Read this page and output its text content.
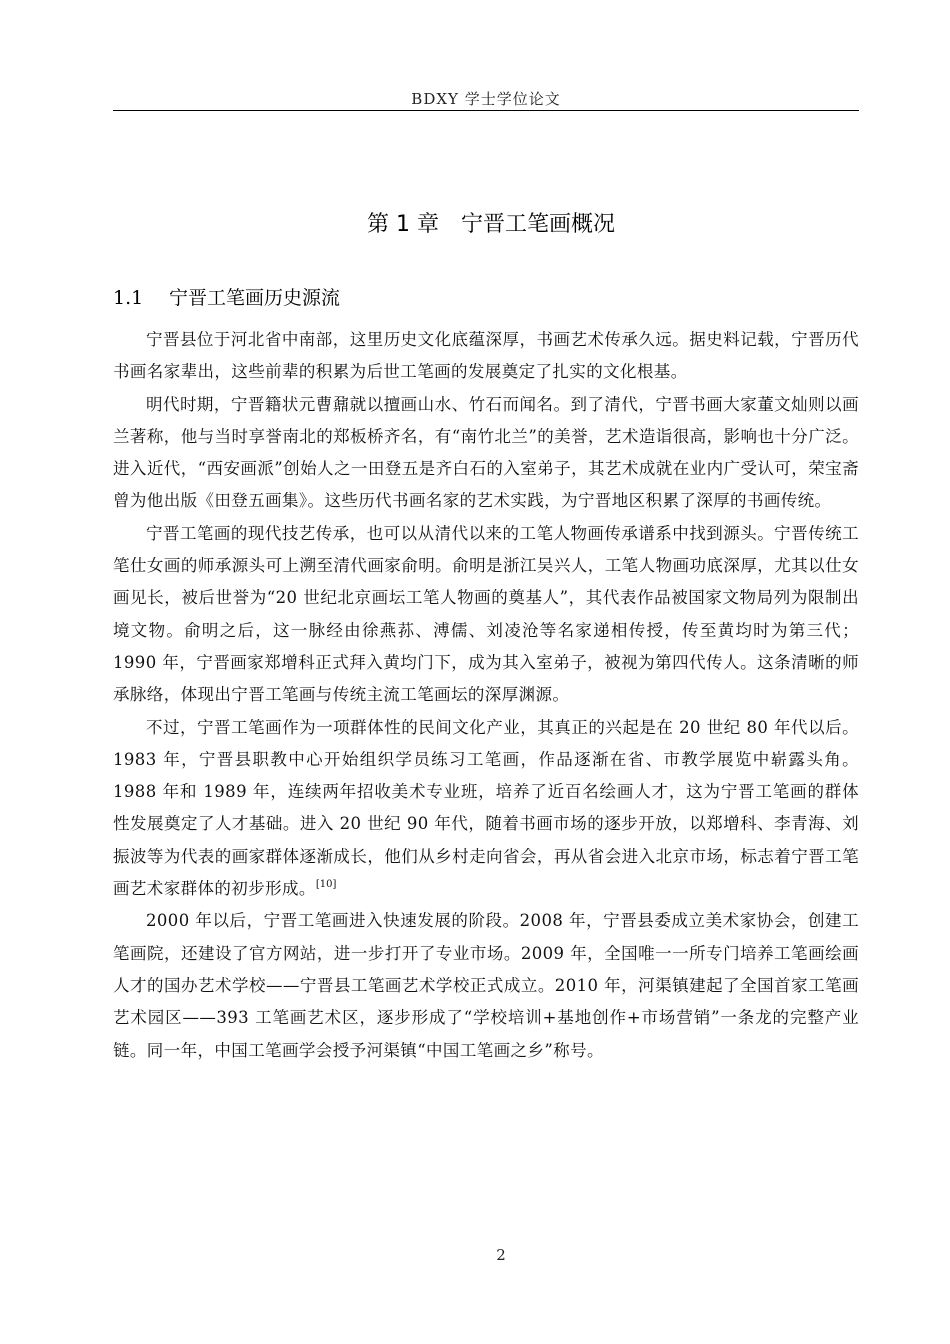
BDXY 学士学位论文
第 1 章 宁晋工笔画概况
1.1 宁晋工笔画历史源流

宁晋县位于河北省中南部，这里历史文化底蕴深厚，书画艺术传承久远。据史料记载，宁晋历代书画名家辈出，这些前辈的积累为后世工笔画的发展奠定了扎实的文化根基。

明代时期，宁晋籍状元曹鼐就以擅画山水、竹石而闻名。到了清代，宁晋书画大家董文灿则以画兰著称，他与当时享誉南北的郑板桥齐名，有“南竹北兰”的美誉，艺术造诣很高，影响也十分广泛。进入近代，“西安画派”创始人之一田登五是齐白石的入室弟子，其艺术成就在业内广受认可，荣宝斋曾为他出版《田登五画集》。这些历代书画名家的艺术实践，为宁晋地区积累了深厚的书画传统。

宁晋工笔画的现代技艺传承，也可以从清代以来的工笔人物画传承谱系中找到源头。宁晋传统工笔仕女画的师承源头可上溯至清代画家俞明。俞明是浙江吴兴人，工笔人物画功底深厚，尤其以仕女画见长，被后世誉为“20 世纪北京画坛工笔人物画的奠基人”，其代表作品被国家文物局列为限制出境文物。俞明之后，这一脉经由徐燕荪、溥儒、刘凌沧等名家递相传授，传至黄均时为第三代；1990 年，宁晋画家郑增科正式拜入黄均门下，成为其入室弟子，被视为第四代传人。这条清晰的师承脉络，体现出宁晋工笔画与传统主流工笔画坛的深厚渊源。

不过，宁晋工笔画作为一项群体性的民间文化产业，其真正的兴起是在 20 世纪 80 年代以后。1983 年，宁晋县职教中心开始组织学员练习工笔画，作品逐渐在省、市教学展览中崭露头角。1988 年和 1989 年，连续两年招收美术专业班，培养了近百名绘画人才，这为宁晋工笔画的群体性发展奠定了人才基础。进入 20 世纪 90 年代，随着书画市场的逐步开放，以郑增科、李青海、刘振波等为代表的画家群体逐渐成长，他们从乡村走向省会，再从省会进入北京市场，标志着宁晋工笔画艺术家群体的初步形成。[10]

2000 年以后，宁晋工笔画进入快速发展的阶段。2008 年，宁晋县委成立美术家协会，创建工笔画院，还建设了官方网站，进一步打开了专业市场。2009 年，全国唯一一所专门培养工笔画绘画人才的国办艺术学校——宁晋县工笔画艺术学校正式成立。2010 年，河渠镇建起了全国首家工笔画艺术园区——393 工笔画艺术区，逐步形成了“学校培训+基地创作+市场营销”一条龙的完整产业链。同一年，中国工笔画学会授予河渠镇“中国工笔画之乡”称号。

2
